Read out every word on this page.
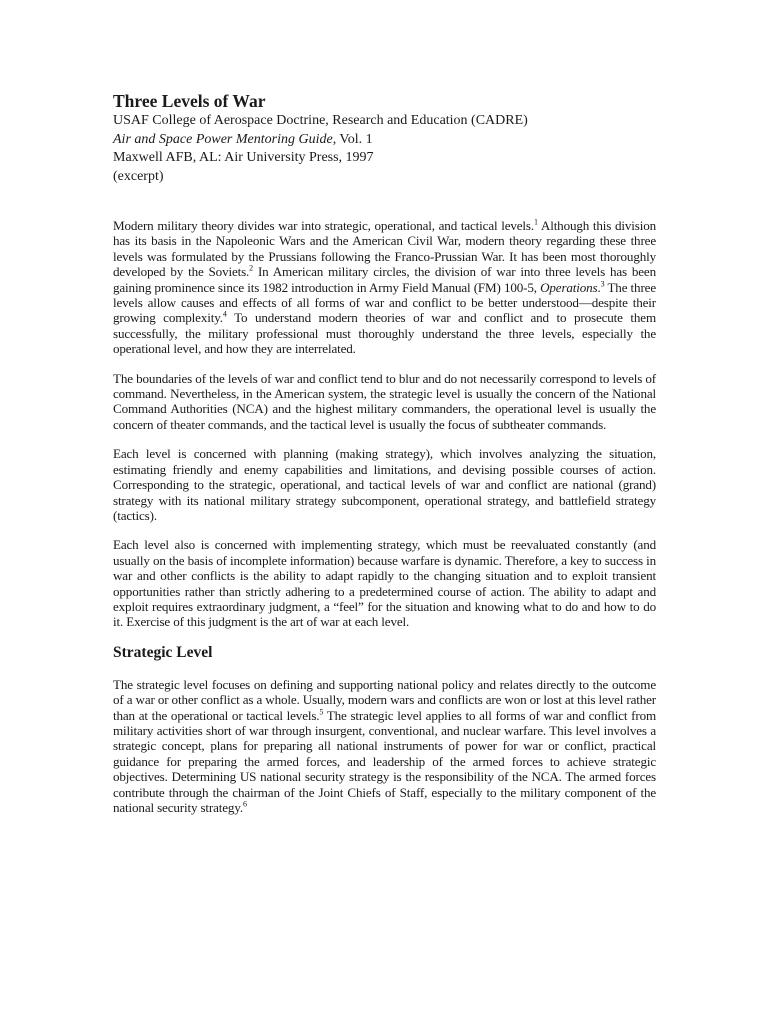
Three Levels of War

USAF College of Aerospace Doctrine, Research and Education (CADRE)

Air and Space Power Mentoring Guide, Vol. 1

Maxwell AFB, AL: Air University Press, 1997

(excerpt)

Modern military theory divides war into strategic, operational, and tactical levels.$^1$ Although this division has its basis in the Napoleonic Wars and the American Civil War, modern theory regarding these three levels was formulated by the Prussians following the Franco-Prussian War. It has been most thoroughly developed by the Soviets.$^2$ In American military circles, the division of war into three levels has been gaining prominence since its 1982 introduction in Army Field Manual (FM) 100-5, Operations.$^3$ The three levels allow causes and effects of all forms of war and conflict to be better understood—despite their growing complexity.$^4$ To understand modern theories of war and conflict and to prosecute them successfully, the military professional must thoroughly understand the three levels, especially the operational level, and how they are interrelated.

The boundaries of the levels of war and conflict tend to blur and do not necessarily correspond to levels of command. Nevertheless, in the American system, the strategic level is usually the concern of the National Command Authorities (NCA) and the highest military commanders, the operational level is usually the concern of theater commands, and the tactical level is usually the focus of subtheater commands.

Each level is concerned with planning (making strategy), which involves analyzing the situation, estimating friendly and enemy capabilities and limitations, and devising possible courses of action. Corresponding to the strategic, operational, and tactical levels of war and conflict are national (grand) strategy with its national military strategy subcomponent, operational strategy, and battlefield strategy (tactics).

Each level also is concerned with implementing strategy, which must be reevaluated constantly (and usually on the basis of incomplete information) because warfare is dynamic. Therefore, a key to success in war and other conflicts is the ability to adapt rapidly to the changing situation and to exploit transient opportunities rather than strictly adhering to a predetermined course of action. The ability to adapt and exploit requires extraordinary judgment, a “feel” for the situation and knowing what to do and how to do it. Exercise of this judgment is the art of war at each level.

Strategic Level

The strategic level focuses on defining and supporting national policy and relates directly to the outcome of a war or other conflict as a whole. Usually, modern wars and conflicts are won or lost at this level rather than at the operational or tactical levels.$^5$ The strategic level applies to all forms of war and conflict from military activities short of war through insurgent, conventional, and nuclear warfare. This level involves a strategic concept, plans for preparing all national instruments of power for war or conflict, practical guidance for preparing the armed forces, and leadership of the armed forces to achieve strategic objectives. Determining US national security strategy is the responsibility of the NCA. The armed forces contribute through the chairman of the Joint Chiefs of Staff, especially to the military component of the national security strategy.$^6$
